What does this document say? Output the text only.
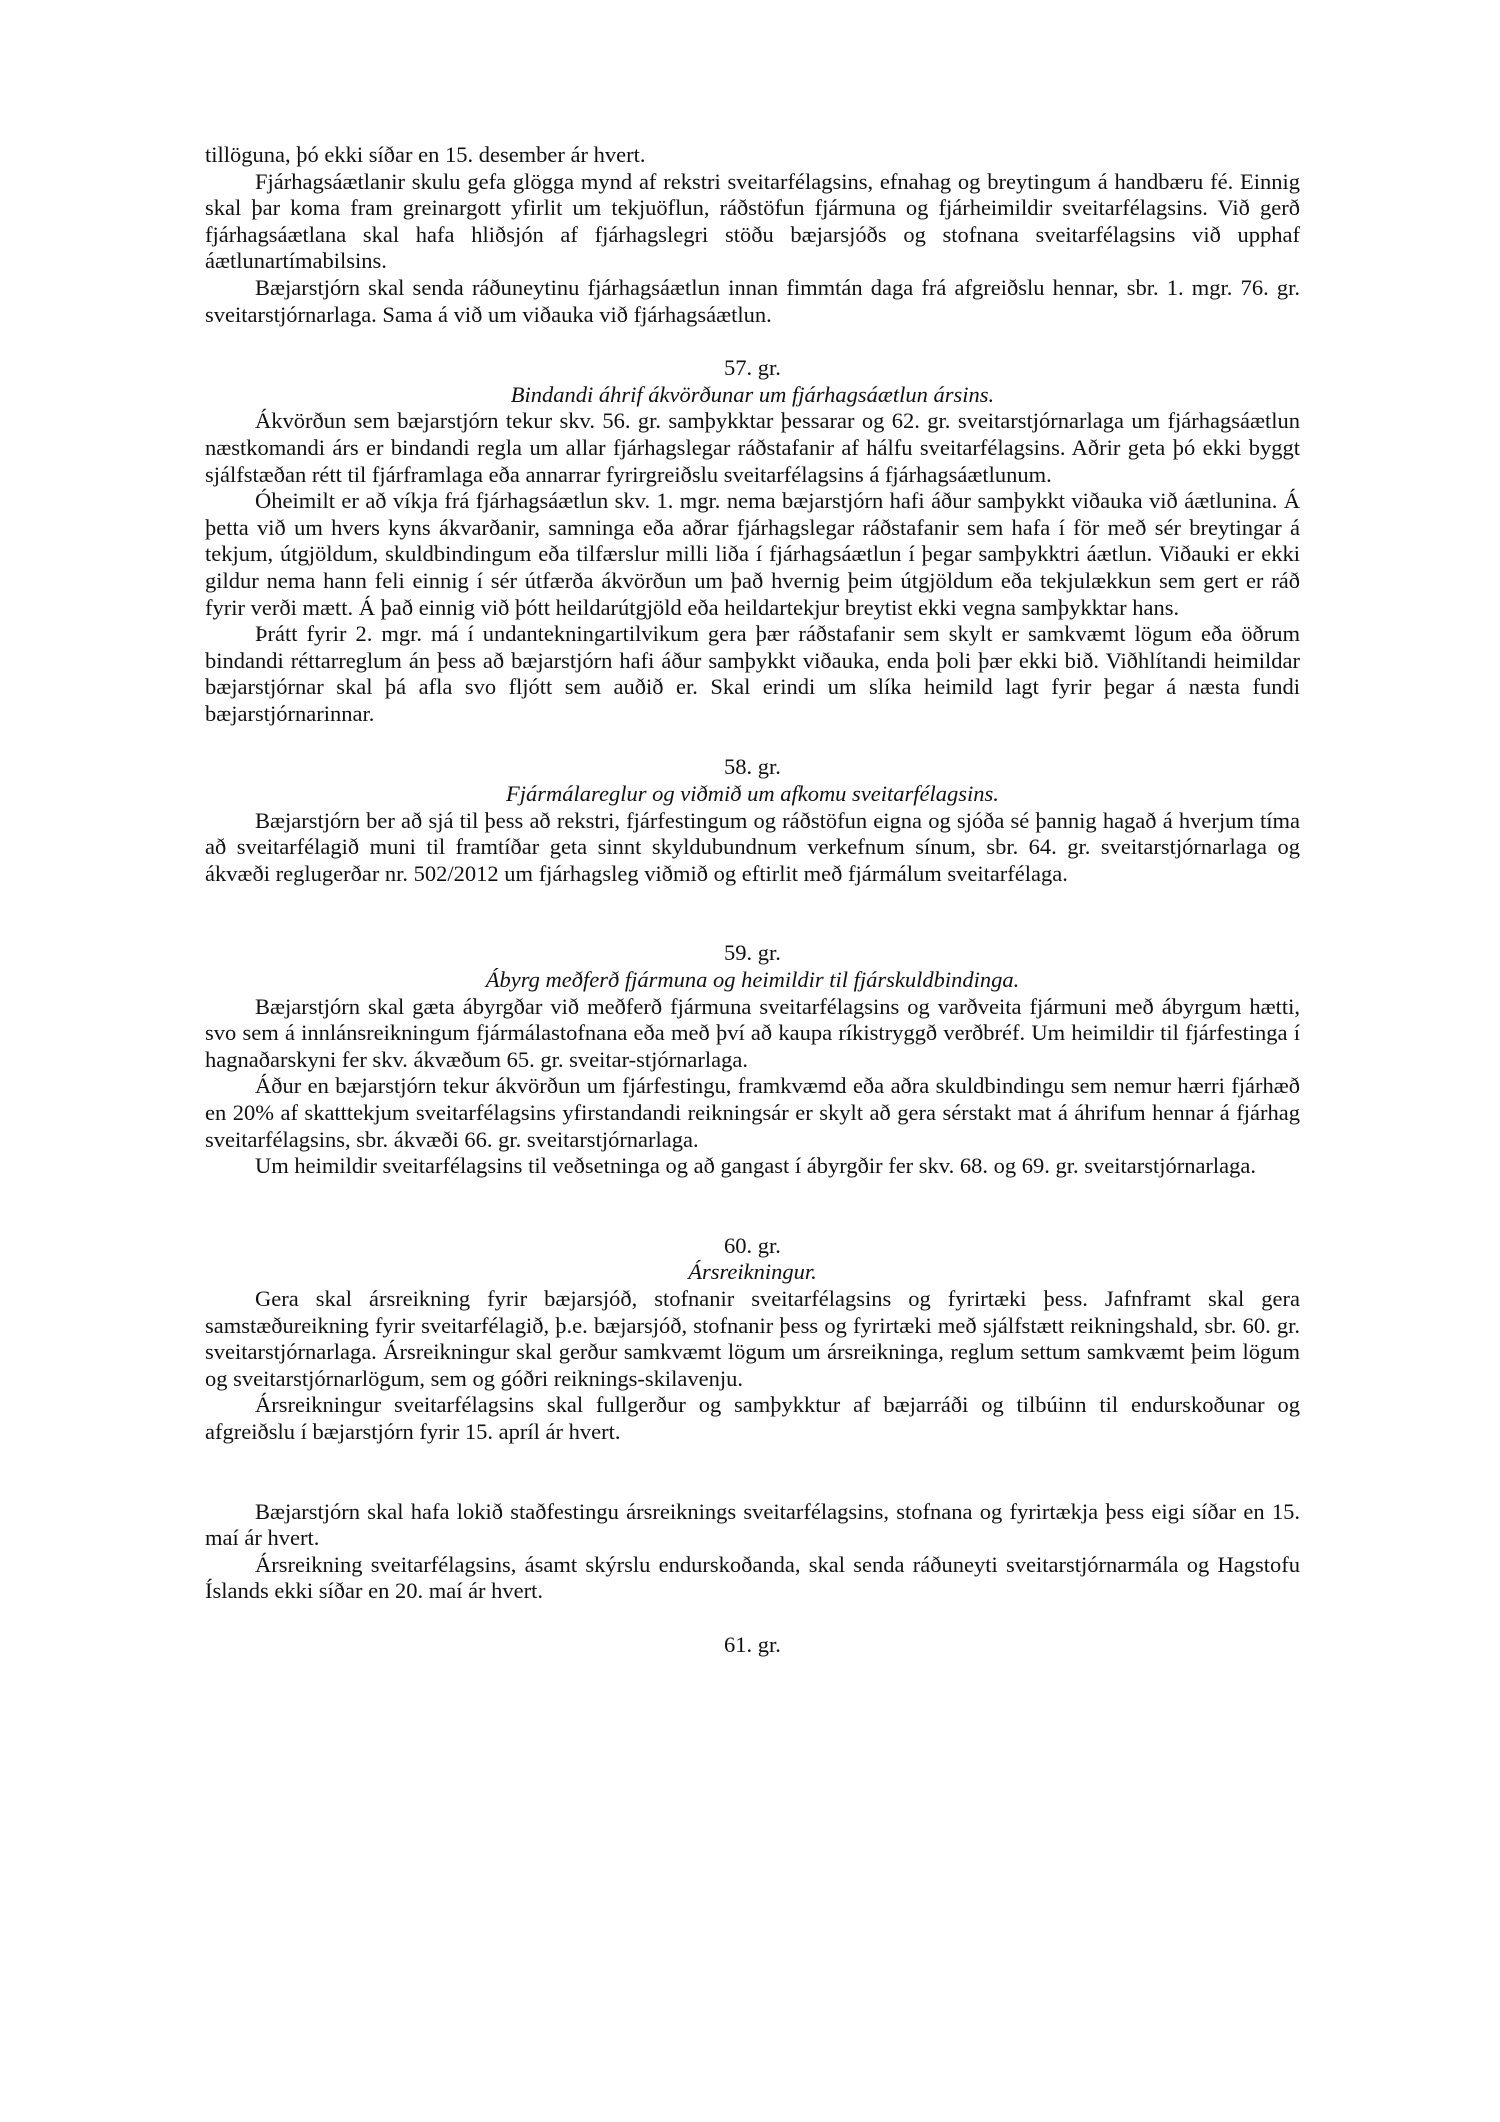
tillöguna, þó ekki síðar en 15. desember ár hvert.

Fjárhagsáætlanir skulu gefa glögga mynd af rekstri sveitarfélagsins, efnahag og breytingum á handbæru fé. Einnig skal þar koma fram greinargott yfirlit um tekjuöflun, ráðstöfun fjármuna og fjárheimildir sveitarfélagsins. Við gerð fjárhagsáætlana skal hafa hliðsjón af fjárhagslegri stöðu bæjarsjóðs og stofnana sveitarfélagsins við upphaf áætlunartímabilsins.

Bæjarstjórn skal senda ráðuneytinu fjárhagsáætlun innan fimmtán daga frá afgreiðslu hennar, sbr. 1. mgr. 76. gr. sveitarstjórnarlaga. Sama á við um viðauka við fjárhagsáætlun.

57. gr.
Bindandi áhrif ákvörðunar um fjárhagsáætlun ársins.

Ákvörðun sem bæjarstjórn tekur skv. 56. gr. samþykktar þessarar og 62. gr. sveitarstjórnarlaga um fjárhagsáætlun næstkomandi árs er bindandi regla um allar fjárhagslegar ráðstafanir af hálfu sveitarfélagsins. Aðrir geta þó ekki byggt sjálfstæðan rétt til fjárframlaga eða annarrar fyrirgreiðslu sveitarfélagsins á fjárhagsáætlunum.

Óheimilt er að víkja frá fjárhagsáætlun skv. 1. mgr. nema bæjarstjórn hafi áður samþykkt viðauka við áætlunina. Á þetta við um hvers kyns ákvarðanir, samninga eða aðrar fjárhagslegar ráðstafanir sem hafa í för með sér breytingar á tekjum, útgjöldum, skuldbindingum eða tilfærslur milli liða í fjárhagsáætlun í þegar samþykktri áætlun. Viðauki er ekki gildur nema hann feli einnig í sér útfærða ákvörðun um það hvernig þeim útgjöldum eða tekjulækkun sem gert er ráð fyrir verði mætt. Á það einnig við þótt heildarútgjöld eða heildartekjur breytist ekki vegna samþykktar hans.

Þrátt fyrir 2. mgr. má í undantekningartilvikum gera þær ráðstafanir sem skylt er samkvæmt lögum eða öðrum bindandi réttarreglum án þess að bæjarstjórn hafi áður samþykkt viðauka, enda þoli þær ekki bið. Viðhlítandi heimildar bæjarstjórnar skal þá afla svo fljótt sem auðið er. Skal erindi um slíka heimild lagt fyrir þegar á næsta fundi bæjarstjórnarinnar.

58. gr.
Fjármálareglur og viðmið um afkomu sveitarfélagsins.

Bæjarstjórn ber að sjá til þess að rekstri, fjárfestingum og ráðstöfun eigna og sjóða sé þannig hagað á hverjum tíma að sveitarfélagið muni til framtíðar geta sinnt skyldubundnum verkefnum sínum, sbr. 64. gr. sveitarstjórnarlaga og ákvæði reglugerðar nr. 502/2012 um fjárhagsleg viðmið og eftirlit með fjármálum sveitarfélaga.

59. gr.
Ábyrg meðferð fjármuna og heimildir til fjárskuldbindinga.

Bæjarstjórn skal gæta ábyrgðar við meðferð fjármuna sveitarfélagsins og varðveita fjármuni með ábyrgum hætti, svo sem á innlánsreikningum fjármálastofnana eða með því að kaupa ríkistryggð verðbréf. Um heimildir til fjárfestinga í hagnaðarskyni fer skv. ákvæðum 65. gr. sveitar-stjórnarlaga.

Áður en bæjarstjórn tekur ákvörðun um fjárfestingu, framkvæmd eða aðra skuldbindingu sem nemur hærri fjárhæð en 20% af skatttekjum sveitarfélagsins yfirstandandi reikningsár er skylt að gera sérstakt mat á áhrifum hennar á fjárhag sveitarfélagsins, sbr. ákvæði 66. gr. sveitarstjórnarlaga.

Um heimildir sveitarfélagsins til veðsetninga og að gangast í ábyrgðir fer skv. 68. og 69. gr. sveitarstjórnarlaga.

60. gr.
Ársreikningur.

Gera skal ársreikning fyrir bæjarsjóð, stofnanir sveitarfélagsins og fyrirtæki þess. Jafnframt skal gera samstæðureikning fyrir sveitarfélagið, þ.e. bæjarsjóð, stofnanir þess og fyrirtæki með sjálfstætt reikningshald, sbr. 60. gr. sveitarstjórnarlaga. Ársreikningur skal gerður samkvæmt lögum um ársreikninga, reglum settum samkvæmt þeim lögum og sveitarstjórnarlögum, sem og góðri reiknings-skilavenju.

Ársreikningur sveitarfélagsins skal fullgerður og samþykktur af bæjarráði og tilbúinn til endurskoðunar og afgreiðslu í bæjarstjórn fyrir 15. apríl ár hvert.

Bæjarstjórn skal hafa lokið staðfestingu ársreiknings sveitarfélagsins, stofnana og fyrirtækja þess eigi síðar en 15. maí ár hvert.

Ársreikning sveitarfélagsins, ásamt skýrslu endurskoðanda, skal senda ráðuneyti sveitarstjórnarmála og Hagstofu Íslands ekki síðar en 20. maí ár hvert.

61. gr.
